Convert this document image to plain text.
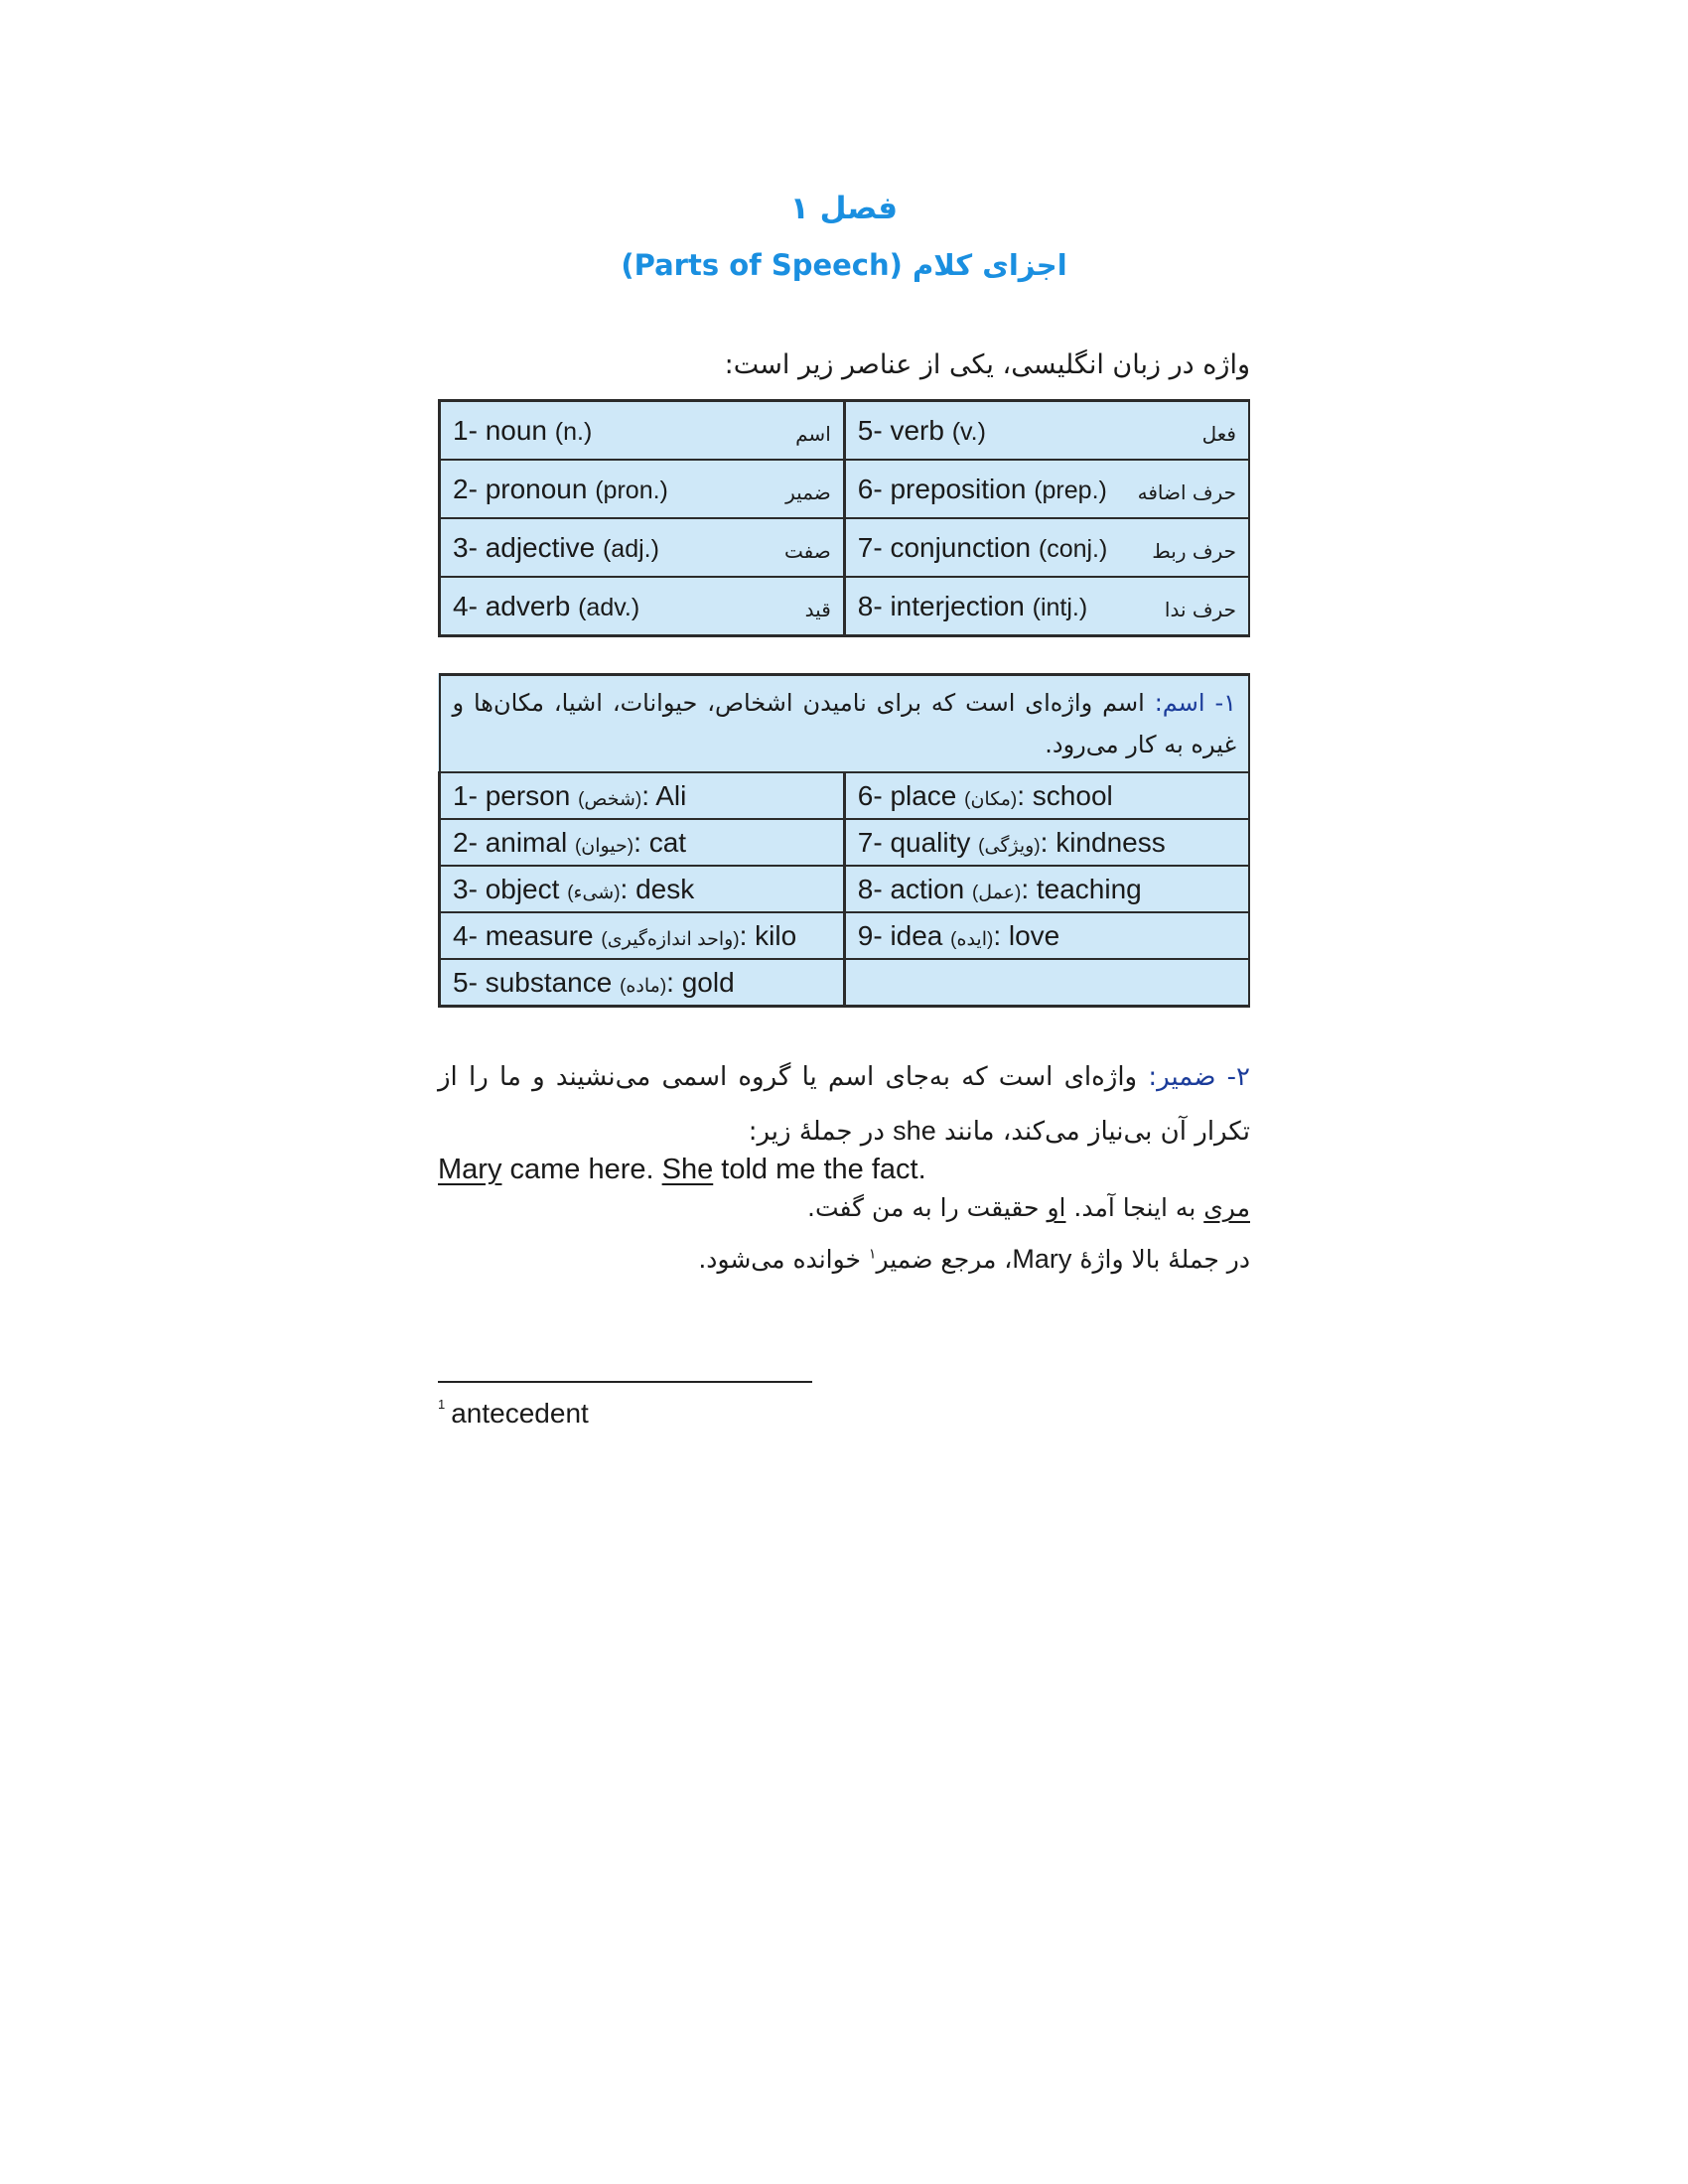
فصل ۱
اجزای کلام (Parts of Speech)
واژه در زبان انگلیسی، یکی از عناصر زیر است:
1- noun (n.) اسم	5- verb (v.) فعل

2- pronoun (pron.) ضمیر	6- preposition (prep.) حرف اضافه

3- adjective (adj.) صفت	7- conjunction (conj.) حرف ربط

4- adverb (adv.) قید	8- interjection (intj.) حرف ندا
۱- اسم: اسم واژه‌ای است که برای نامیدن اشخاص، حیوانات، اشیا، مکان‌ها و غیره به کار می‌رود.	
1- person (شخص): Ali	6- place (مکان): school
2- animal (حیوان): cat	7- quality (ویژگی): kindness
3- object (شیء): desk	8- action (عمل): teaching
4- measure (واحد اندازه‌گیری): kilo	9- idea (ایده): love
5- substance (ماده): gold	
۲- ضمیر: واژه‌ای است که به‌جای اسم یا گروه اسمی می‌نشیند و ما را از تکرار آن بی‌نیاز می‌کند، مانند she در جملهٔ زیر:
Mary came here. She told me the fact.
مری به اینجا آمد. او حقیقت را به من گفت.
در جملهٔ بالا واژهٔ Mary، مرجع ضمیر$^۱$ خوانده می‌شود.
$^1$ antecedent
